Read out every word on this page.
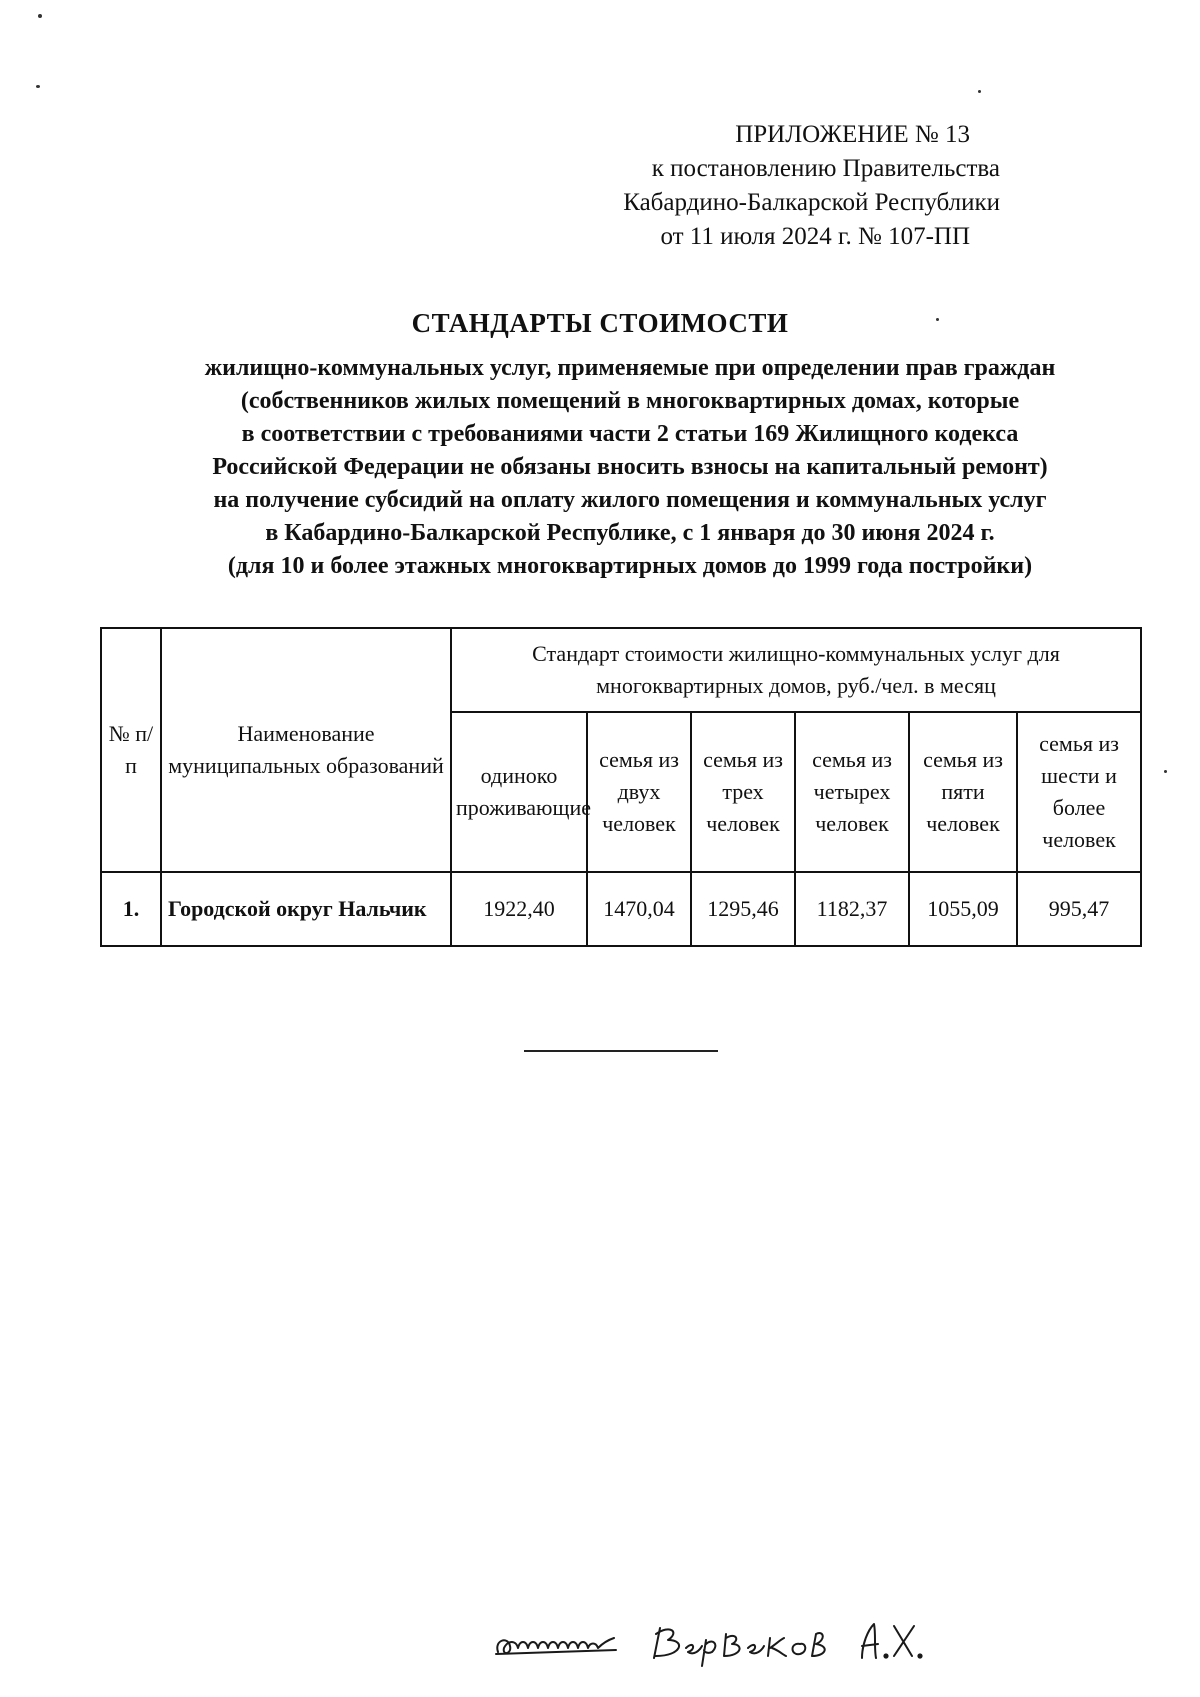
ПРИЛОЖЕНИЕ № 13
к постановлению Правительства
Кабардино-Балкарской Республики
от 11 июля 2024 г. № 107-ПП
СТАНДАРТЫ СТОИМОСТИ
жилищно-коммунальных услуг, применяемые при определении прав граждан
(собственников жилых помещений в многоквартирных домах, которые
в соответствии с требованиями части 2 статьи 169 Жилищного кодекса
Российской Федерации не обязаны вносить взносы на капитальный ремонт)
на получение субсидий на оплату жилого помещения и коммунальных услуг
в Кабардино-Балкарской Республике, с 1 января до 30 июня 2024 г.
(для 10 и более этажных многоквартирных домов до 1999 года постройки)
№ п/п	Наименование муниципальных образований	Стандарт стоимости жилищно-коммунальных услуг для многоквартирных домов, руб./чел. в месяц					
		одиноко проживающие	семья из двух человек	семья из трех человек	семья из четырех человек	семья из пяти человек	семья из шести и более человек
1.	Городской округ Нальчик	1922,40	1470,04	1295,46	1182,37	1055,09	995,47
